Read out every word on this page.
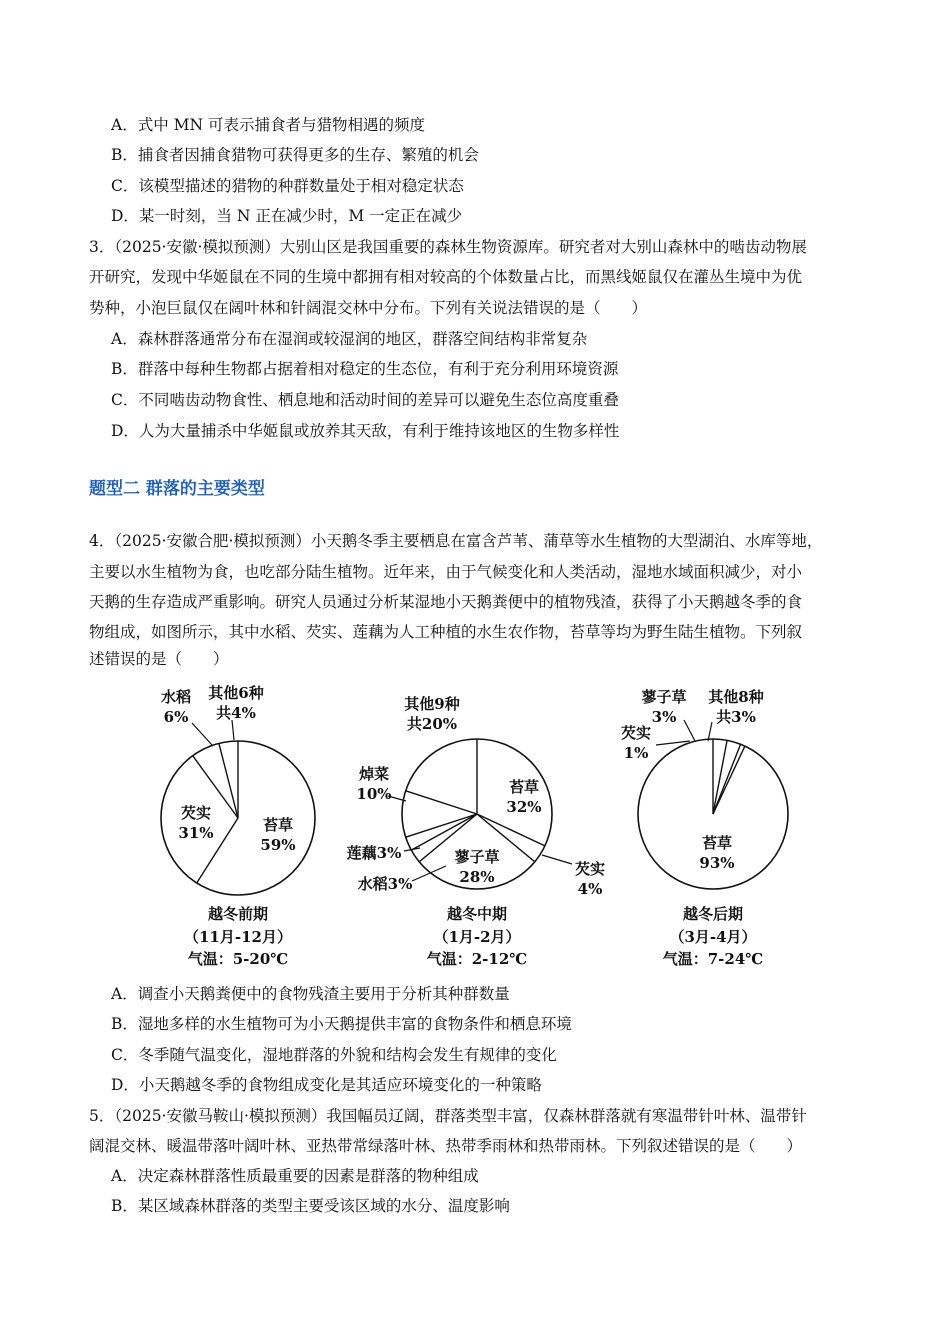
A．式中 MN 可表示捕食者与猎物相遇的频度
B．捕食者因捕食猎物可获得更多的生存、繁殖的机会
C．该模型描述的猎物的种群数量处于相对稳定状态
D．某一时刻，当 N 正在减少时，M 一定正在减少
3．（2025·安徽·模拟预测）大别山区是我国重要的森林生物资源库。研究者对大别山森林中的啮齿动物展
开研究，发现中华姬鼠在不同的生境中都拥有相对较高的个体数量占比，而黑线姬鼠仅在灌丛生境中为优
势种，小泡巨鼠仅在阔叶林和针阔混交林中分布。下列有关说法错误的是（　　）
A．森林群落通常分布在湿润或较湿润的地区，群落空间结构非常复杂
B．群落中每种生物都占据着相对稳定的生态位，有利于充分利用环境资源
C．不同啮齿动物食性、栖息地和活动时间的差异可以避免生态位高度重叠
D．人为大量捕杀中华姬鼠或放养其天敌，有利于维持该地区的生物多样性
题型二 群落的主要类型
4．（2025·安徽合肥·模拟预测）小天鹅冬季主要栖息在富含芦苇、蒲草等水生植物的大型湖泊、水库等地，
主要以水生植物为食，也吃部分陆生植物。近年来，由于气候变化和人类活动，湿地水域面积减少，对小
天鹅的生存造成严重影响。研究人员通过分析某湿地小天鹅粪便中的植物残渣，获得了小天鹅越冬季的食
物组成，如图所示，其中水稻、芡实、莲藕为人工种植的水生农作物，苔草等均为野生陆生植物。下列叙
述错误的是（　　）
苔草
59%
芡实
31%
水稻
6%
其他6种
共4%
越冬前期
（11月-12月）
气温：5-20℃
苔草
32%
芡实
4%
蓼子草
28%
水稻3%
莲藕3%
焯菜
10%
其他9种
共20%
越冬中期
（1月-2月）
气温：2-12℃
苔草
93%
芡实
1%
蓼子草
3%
其他8种
共3%
越冬后期
（3月-4月）
气温：7-24℃
A．调查小天鹅粪便中的食物残渣主要用于分析其种群数量
B．湿地多样的水生植物可为小天鹅提供丰富的食物条件和栖息环境
C．冬季随气温变化，湿地群落的外貌和结构会发生有规律的变化
D．小天鹅越冬季的食物组成变化是其适应环境变化的一种策略
5．（2025·安徽马鞍山·模拟预测）我国幅员辽阔，群落类型丰富，仅森林群落就有寒温带针叶林、温带针
阔混交林、暖温带落叶阔叶林、亚热带常绿落叶林、热带季雨林和热带雨林。下列叙述错误的是（　　）
A．决定森林群落性质最重要的因素是群落的物种组成
B．某区域森林群落的类型主要受该区域的水分、温度影响
